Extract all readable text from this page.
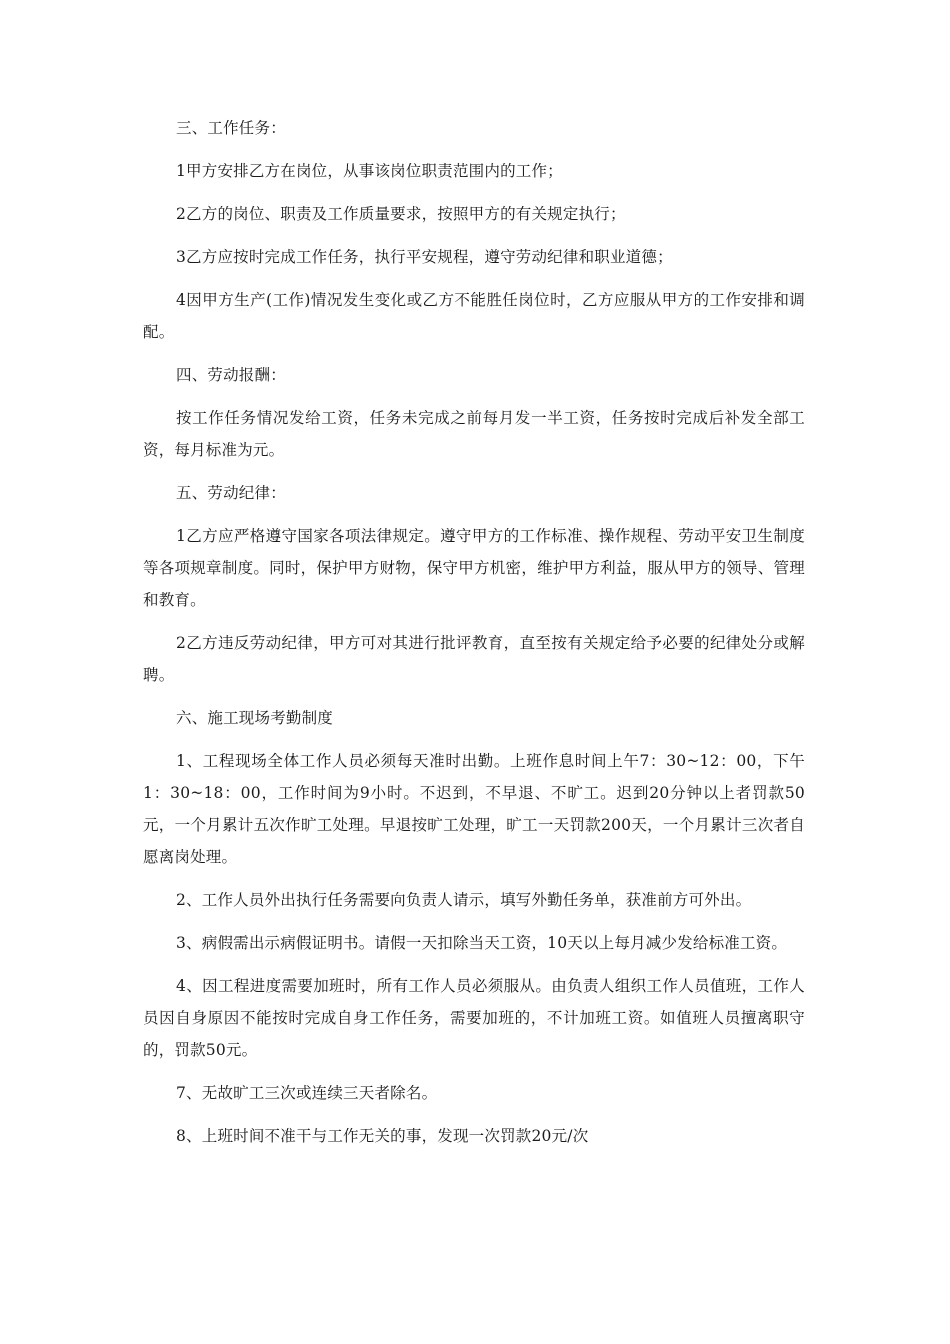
三、工作任务：

1甲方安排乙方在岗位，从事该岗位职责范围内的工作；

2乙方的岗位、职责及工作质量要求，按照甲方的有关规定执行；

3乙方应按时完成工作任务，执行平安规程，遵守劳动纪律和职业道德；

4因甲方生产(工作)情况发生变化或乙方不能胜任岗位时，乙方应服从甲方的工作安排和调配。

四、劳动报酬：

按工作任务情况发给工资，任务未完成之前每月发一半工资，任务按时完成后补发全部工资，每月标准为元。

五、劳动纪律：

1乙方应严格遵守国家各项法律规定。遵守甲方的工作标准、操作规程、劳动平安卫生制度等各项规章制度。同时，保护甲方财物，保守甲方机密，维护甲方利益，服从甲方的领导、管理和教育。

2乙方违反劳动纪律，甲方可对其进行批评教育，直至按有关规定给予必要的纪律处分或解聘。

六、施工现场考勤制度

1、工程现场全体工作人员必须每天准时出勤。上班作息时间上午7：30~12：00，下午1：30~18：00，工作时间为9小时。不迟到，不早退、不旷工。迟到20分钟以上者罚款50元，一个月累计五次作旷工处理。早退按旷工处理，旷工一天罚款200天，一个月累计三次者自愿离岗处理。

2、工作人员外出执行任务需要向负责人请示，填写外勤任务单，获准前方可外出。

3、病假需出示病假证明书。请假一天扣除当天工资，10天以上每月减少发给标准工资。

4、因工程进度需要加班时，所有工作人员必须服从。由负责人组织工作人员值班，工作人员因自身原因不能按时完成自身工作任务，需要加班的，不计加班工资。如值班人员擅离职守的，罚款50元。

7、无故旷工三次或连续三天者除名。

8、上班时间不准干与工作无关的事，发现一次罚款20元/次
